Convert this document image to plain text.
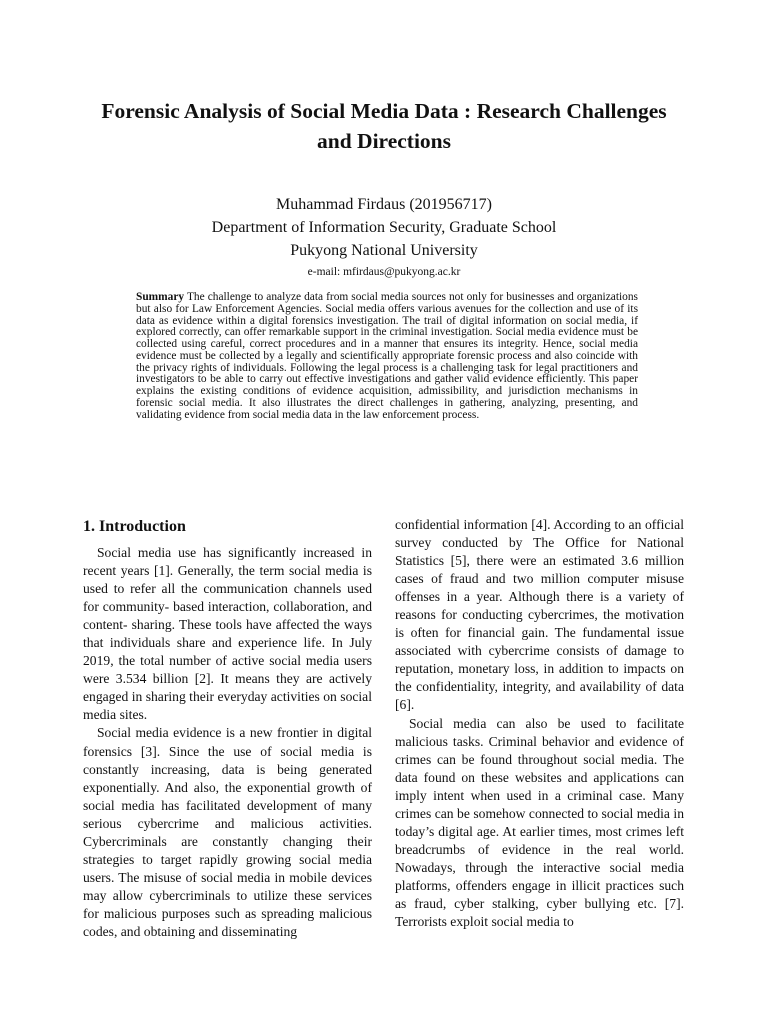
Forensic Analysis of Social Media Data : Research Challenges and Directions
Muhammad Firdaus (201956717)
Department of Information Security, Graduate School
Pukyong National University
e-mail: mfirdaus@pukyong.ac.kr
Summary The challenge to analyze data from social media sources not only for businesses and organizations but also for Law Enforcement Agencies. Social media offers various avenues for the collection and use of its data as evidence within a digital forensics investigation. The trail of digital information on social media, if explored correctly, can offer remarkable support in the criminal investigation. Social media evidence must be collected using careful, correct procedures and in a manner that ensures its integrity. Hence, social media evidence must be collected by a legally and scientifically appropriate forensic process and also coincide with the privacy rights of individuals. Following the legal process is a challenging task for legal practitioners and investigators to be able to carry out effective investigations and gather valid evidence efficiently. This paper explains the existing conditions of evidence acquisition, admissibility, and jurisdiction mechanisms in forensic social media. It also illustrates the direct challenges in gathering, analyzing, presenting, and validating evidence from social media data in the law enforcement process.
1. Introduction

Social media use has significantly increased in recent years [1]. Generally, the term social media is used to refer all the communication channels used for community- based interaction, collaboration, and content- sharing. These tools have affected the ways that individuals share and experience life. In July 2019, the total number of active social media users were 3.534 billion [2]. It means they are actively engaged in sharing their everyday activities on social media sites.

Social media evidence is a new frontier in digital forensics [3]. Since the use of social media is constantly increasing, data is being generated exponentially. And also, the exponential growth of social media has facilitated development of many serious cybercrime and malicious activities. Cybercriminals are constantly changing their strategies to target rapidly growing social media users. The misuse of social media in mobile devices may allow cybercriminals to utilize these services for malicious purposes such as spreading malicious codes, and obtaining and disseminating

confidential information [4]. According to an official survey conducted by The Office for National Statistics [5], there were an estimated 3.6 million cases of fraud and two million computer misuse offenses in a year. Although there is a variety of reasons for conducting cybercrimes, the motivation is often for financial gain. The fundamental issue associated with cybercrime consists of damage to reputation, monetary loss, in addition to impacts on the confidentiality, integrity, and availability of data [6].

Social media can also be used to facilitate malicious tasks. Criminal behavior and evidence of crimes can be found throughout social media. The data found on these websites and applications can imply intent when used in a criminal case. Many crimes can be somehow connected to social media in today’s digital age. At earlier times, most crimes left breadcrumbs of evidence in the real world. Nowadays, through the interactive social media platforms, offenders engage in illicit practices such as fraud, cyber stalking, cyber bullying etc. [7]. Terrorists exploit social media to
